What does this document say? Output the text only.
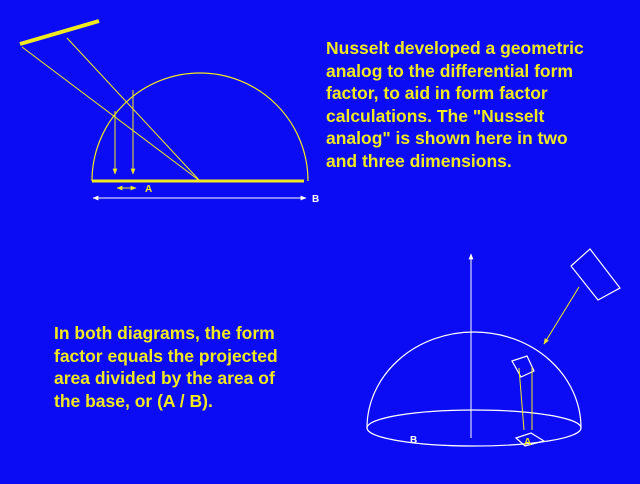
A
B
A
B

Nusselt developed a geometric
analog to the differential form
factor, to aid in form factor
calculations. The "Nusselt
analog" is shown here in two
and three dimensions.

In both diagrams, the form
factor equals the projected
area divided by the area of
the base, or (A / B).
